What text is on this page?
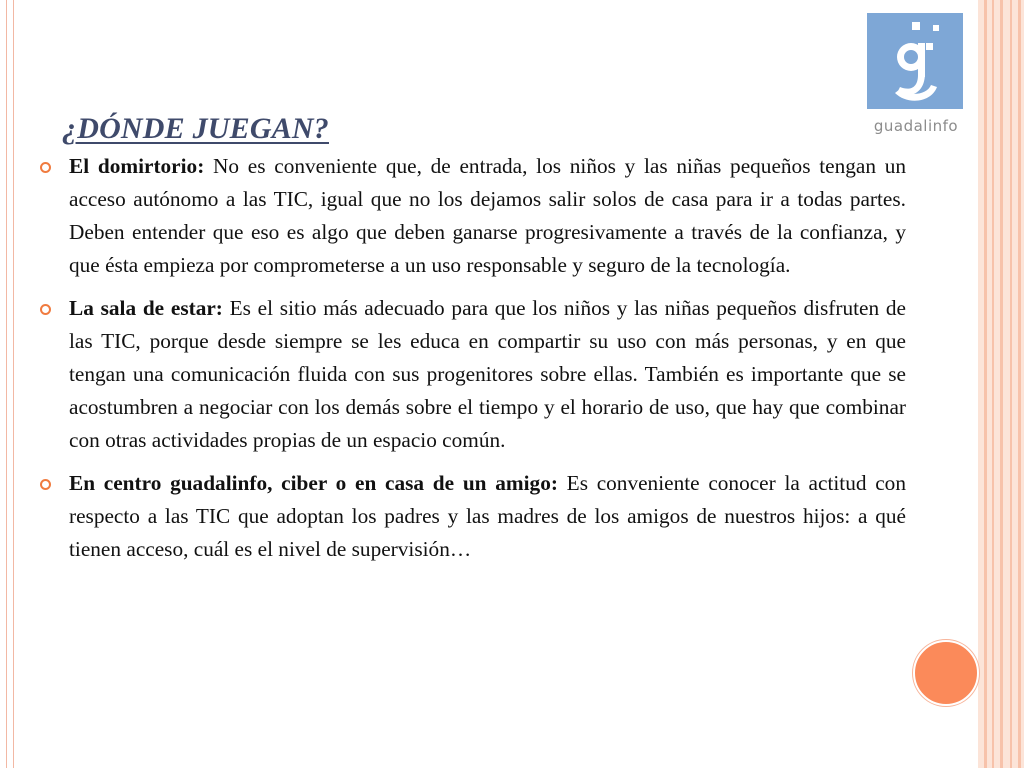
guadalinfo
¿DÓNDE JUEGAN?
El domirtorio: No es conveniente que, de entrada, los niños y las niñas pequeños tengan un acceso autónomo a las TIC, igual que no los dejamos salir solos de casa para ir a todas partes. Deben entender que eso es algo que deben ganarse progresivamente a través de la confianza, y que ésta empieza por comprometerse a un uso responsable y seguro de la tecnología.
La sala de estar: Es el sitio más adecuado para que los niños y las niñas pequeños disfruten de las TIC, porque desde siempre se les educa en compartir su uso con más personas, y en que tengan una comunicación fluida con sus progenitores sobre ellas. También es importante que se acostumbren a negociar con los demás sobre el tiempo y el horario de uso, que hay que combinar con otras actividades propias de un espacio común.
En centro guadalinfo, ciber o en casa de un amigo: Es conveniente conocer la actitud con respecto a las TIC que adoptan los padres y las madres de los amigos de nuestros hijos: a qué tienen acceso, cuál es el nivel de supervisión…
